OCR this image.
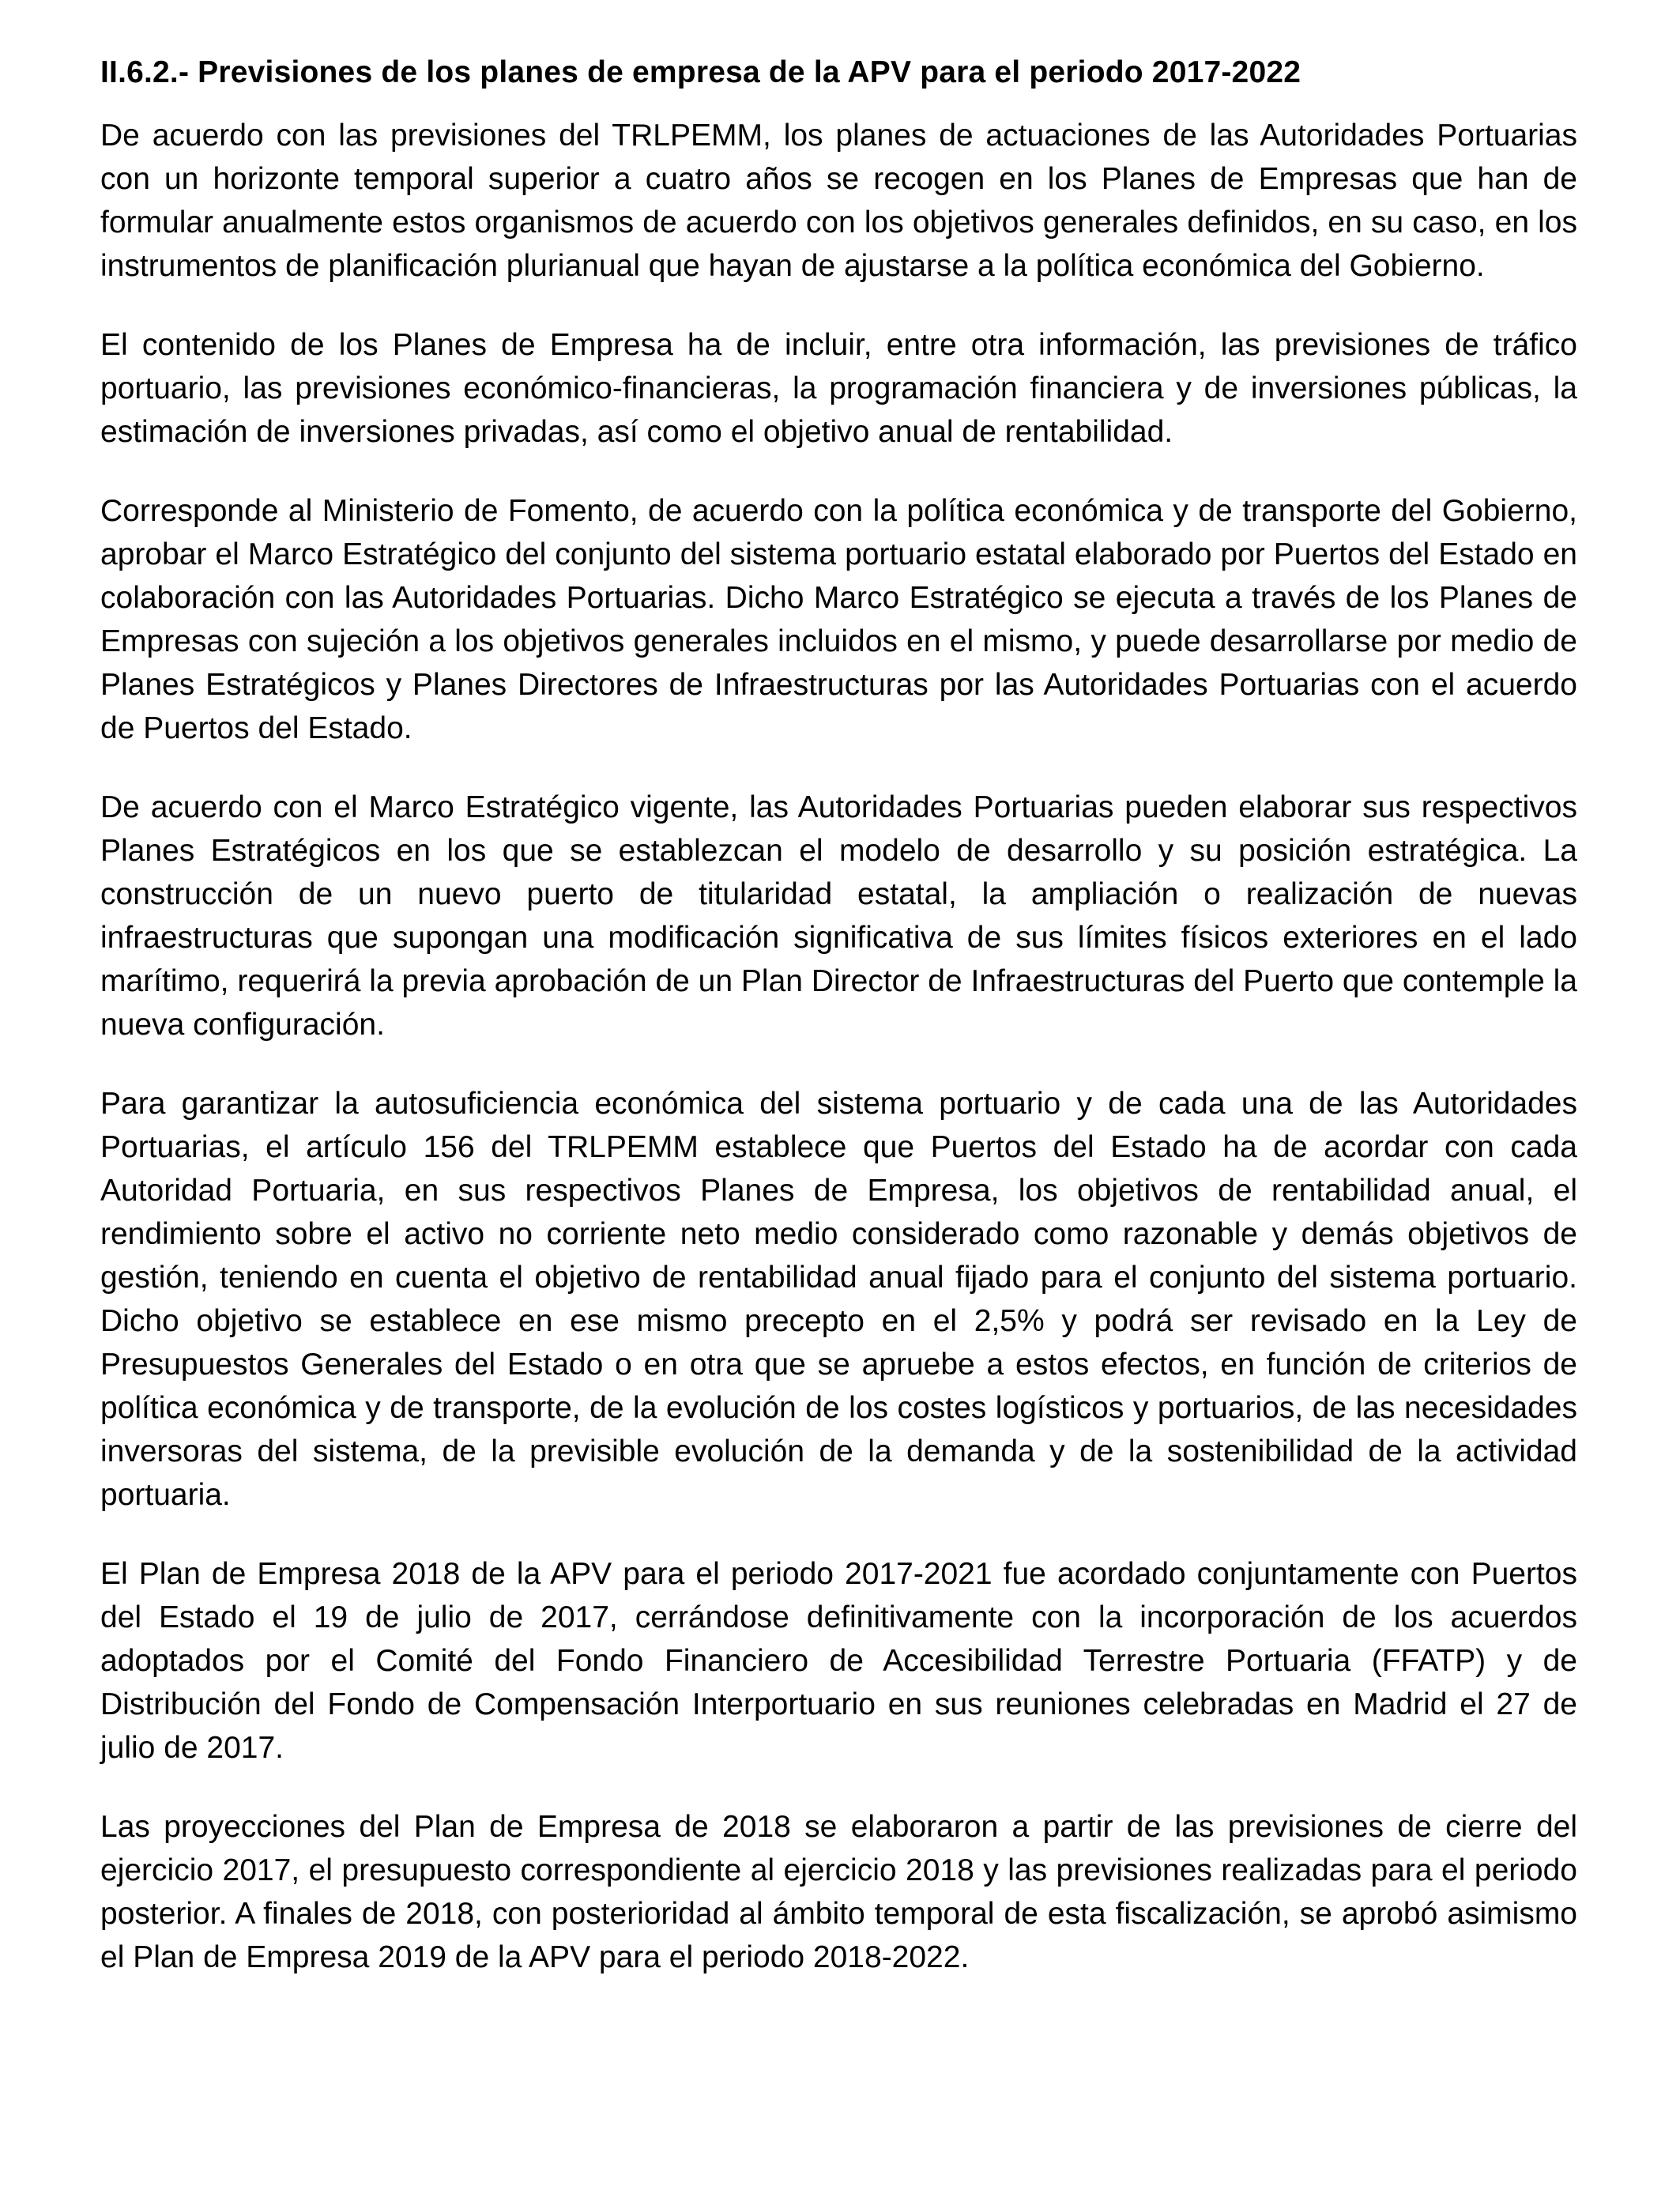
II.6.2.- Previsiones de los planes de empresa de la APV para el periodo 2017-2022

De acuerdo con las previsiones del TRLPEMM, los planes de actuaciones de las Autoridades Portuarias con un horizonte temporal superior a cuatro años se recogen en los Planes de Empresas que han de formular anualmente estos organismos de acuerdo con los objetivos generales definidos, en su caso, en los instrumentos de planificación plurianual que hayan de ajustarse a la política económica del Gobierno.

El contenido de los Planes de Empresa ha de incluir, entre otra información, las previsiones de tráfico portuario, las previsiones económico-financieras, la programación financiera y de inversiones públicas, la estimación de inversiones privadas, así como el objetivo anual de rentabilidad.

Corresponde al Ministerio de Fomento, de acuerdo con la política económica y de transporte del Gobierno, aprobar el Marco Estratégico del conjunto del sistema portuario estatal elaborado por Puertos del Estado en colaboración con las Autoridades Portuarias. Dicho Marco Estratégico se ejecuta a través de los Planes de Empresas con sujeción a los objetivos generales incluidos en el mismo, y puede desarrollarse por medio de Planes Estratégicos y Planes Directores de Infraestructuras por las Autoridades Portuarias con el acuerdo de Puertos del Estado.

De acuerdo con el Marco Estratégico vigente, las Autoridades Portuarias pueden elaborar sus respectivos Planes Estratégicos en los que se establezcan el modelo de desarrollo y su posición estratégica. La construcción de un nuevo puerto de titularidad estatal, la ampliación o realización de nuevas infraestructuras que supongan una modificación significativa de sus límites físicos exteriores en el lado marítimo, requerirá la previa aprobación de un Plan Director de Infraestructuras del Puerto que contemple la nueva configuración.

Para garantizar la autosuficiencia económica del sistema portuario y de cada una de las Autoridades Portuarias, el artículo 156 del TRLPEMM establece que Puertos del Estado ha de acordar con cada Autoridad Portuaria, en sus respectivos Planes de Empresa, los objetivos de rentabilidad anual, el rendimiento sobre el activo no corriente neto medio considerado como razonable y demás objetivos de gestión, teniendo en cuenta el objetivo de rentabilidad anual fijado para el conjunto del sistema portuario. Dicho objetivo se establece en ese mismo precepto en el 2,5% y podrá ser revisado en la Ley de Presupuestos Generales del Estado o en otra que se apruebe a estos efectos, en función de criterios de política económica y de transporte, de la evolución de los costes logísticos y portuarios, de las necesidades inversoras del sistema, de la previsible evolución de la demanda y de la sostenibilidad de la actividad portuaria.

El Plan de Empresa 2018 de la APV para el periodo 2017-2021 fue acordado conjuntamente con Puertos del Estado el 19 de julio de 2017, cerrándose definitivamente con la incorporación de los acuerdos adoptados por el Comité del Fondo Financiero de Accesibilidad Terrestre Portuaria (FFATP) y de Distribución del Fondo de Compensación Interportuario en sus reuniones celebradas en Madrid el 27 de julio de 2017.

Las proyecciones del Plan de Empresa de 2018 se elaboraron a partir de las previsiones de cierre del ejercicio 2017, el presupuesto correspondiente al ejercicio 2018 y las previsiones realizadas para el periodo posterior. A finales de 2018, con posterioridad al ámbito temporal de esta fiscalización, se aprobó asimismo el Plan de Empresa 2019 de la APV para el periodo 2018-2022.
